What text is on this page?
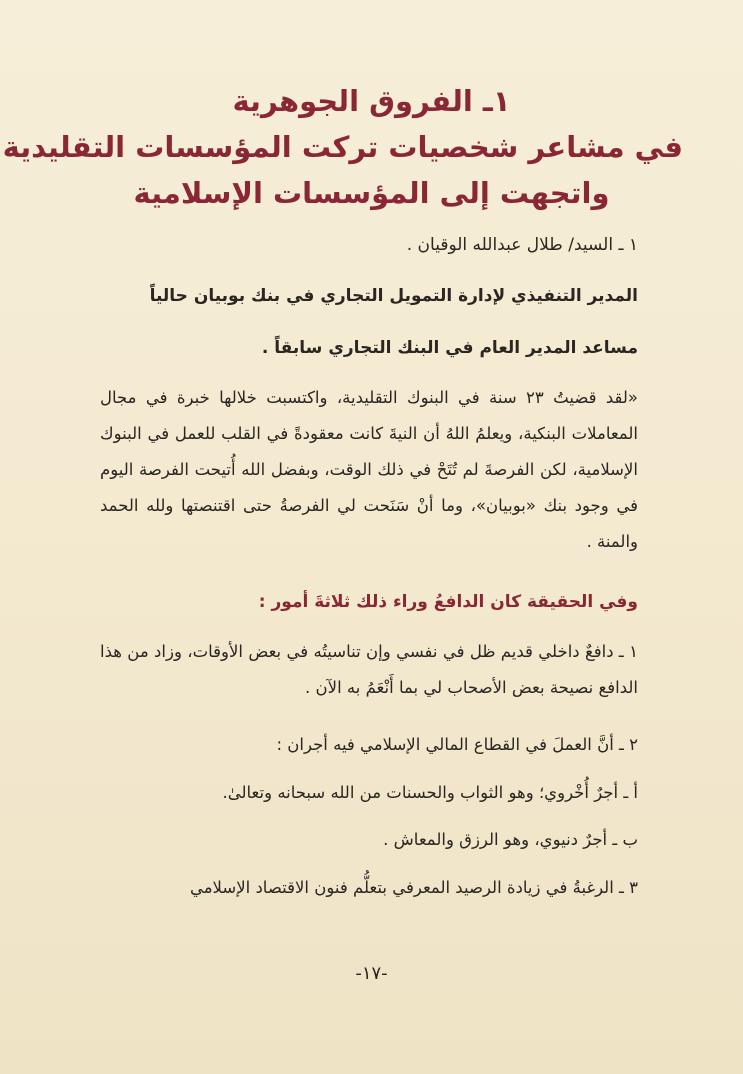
١ـ الفروق الجوهرية
في مشاعر شخصيات تركت المؤسسات التقليدية
واتجهت إلى المؤسسات الإسلامية
١ ـ السيد/ طلال عبدالله الوقيان .
المدير التنفيذي لإدارة التمويل التجاري في بنك بوبيان حالياً
مساعد المدير العام في البنك التجاري سابقاً .
«لقد قضيتُ ٢٣ سنة في البنوك التقليدية، واكتسبت خلالها خبرة في مجال المعاملات البنكية، ويعلمُ اللهُ أن النيةَ كانت معقودةً في القلب للعمل في البنوك الإسلامية، لكن الفرصةَ لم تُتَحْ في ذلك الوقت، وبفضل الله أُتيحت الفرصة اليوم في وجود بنك «بوبيان»، وما أنْ سَنَحت لي الفرصةُ حتى اقتنصتها ولله الحمد والمنة .
وفي الحقيقة كان الدافعُ وراء ذلك ثلاثةَ أمور :
١ ـ دافعٌ داخلي قديم ظل في نفسي وإن تناسيتُه في بعض الأوقات، وزاد من هذا الدافع نصيحة بعض الأصحاب لي بما أَنْعَمُ به الآن .
٢ ـ أنَّ العملَ في القطاع المالي الإسلامي فيه أجران :
أ ـ أجرٌ أُخْروي؛ وهو الثواب والحسنات من الله سبحانه وتعالىٰ.
ب ـ أجرٌ دنيوي، وهو الرزق والمعاش .
٣ ـ الرغبةُ في زيادة الرصيد المعرفي بتعلُّم فنون الاقتصاد الإسلامي
-١٧-
